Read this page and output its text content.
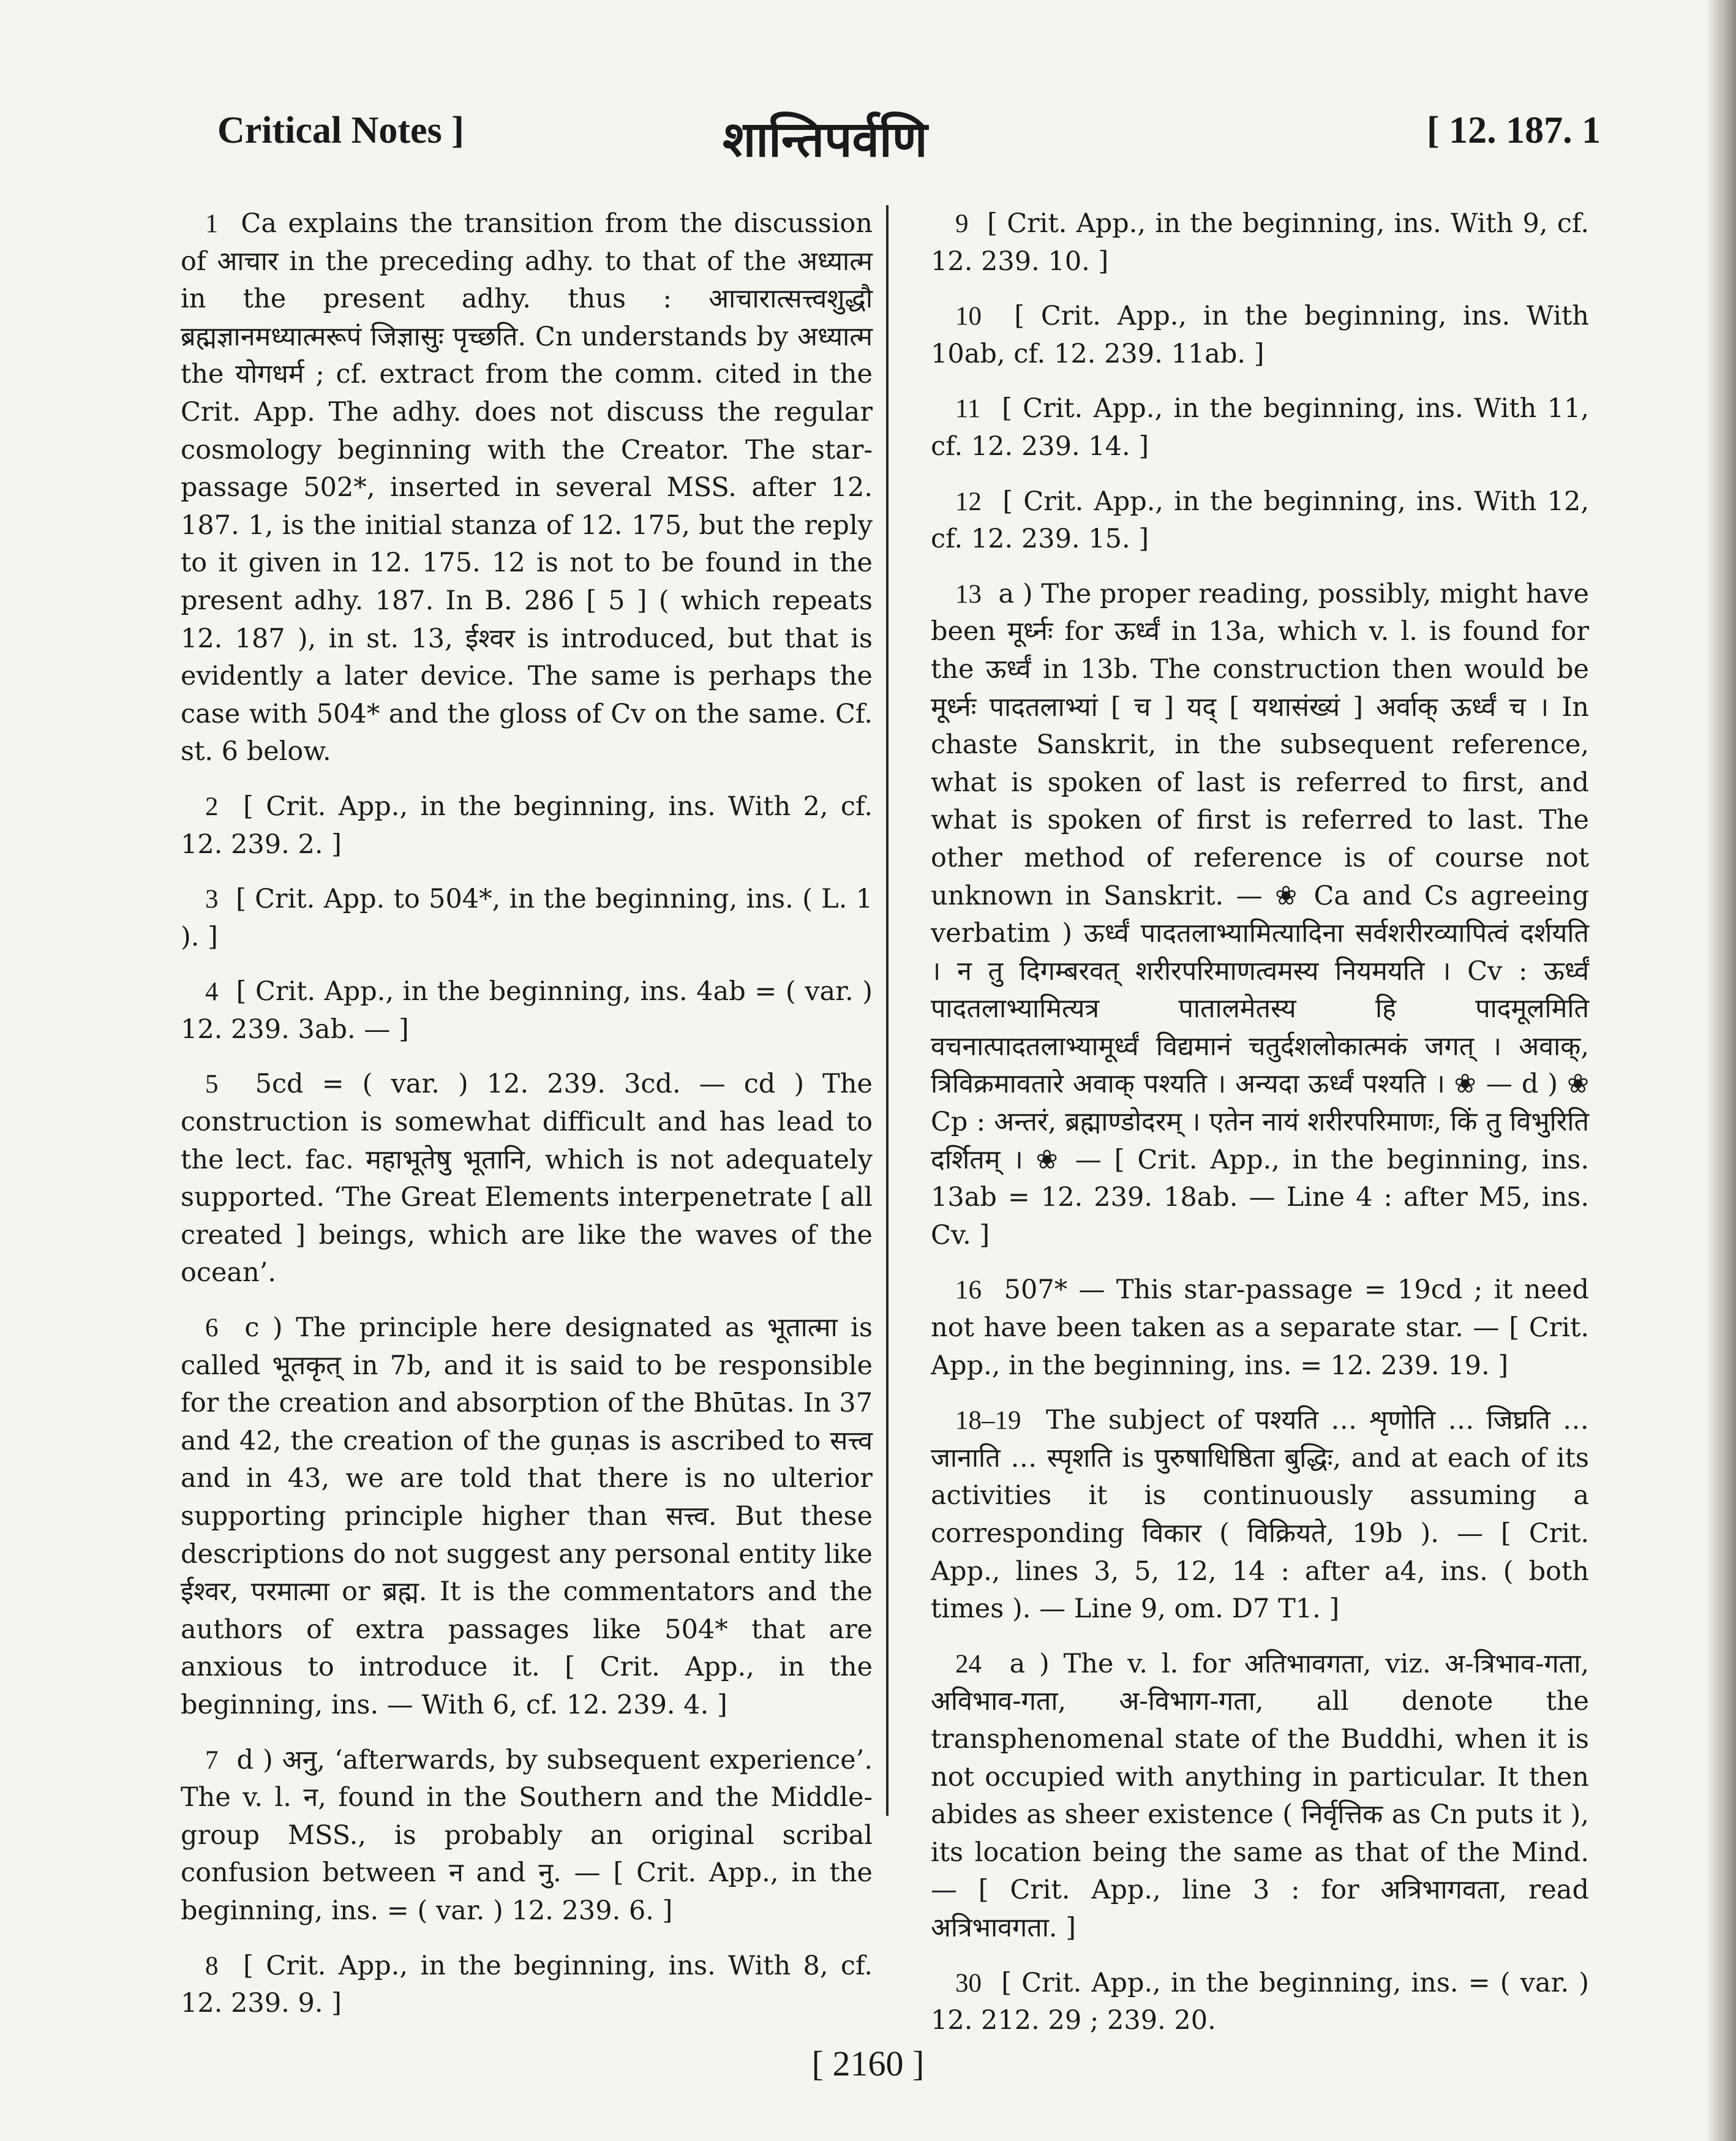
Critical Notes ]	शान्तिपर्वणि	[ 12. 187. 1

1 Ca explains the transition from the discussion of आचार in the preceding adhy. to that of the अध्यात्म in the present adhy. thus : आचारात्सत्त्वशुद्धौ ब्रह्मज्ञानमध्यात्मरूपं जिज्ञासुः पृच्छति. Cn understands by अध्यात्म the योगधर्म ; cf. extract from the comm. cited in the Crit. App. The adhy. does not discuss the regular cosmology beginning with the Creator. The star-passage 502*, inserted in several MSS. after 12. 187. 1, is the initial stanza of 12. 175, but the reply to it given in 12. 175. 12 is not to be found in the present adhy. 187. In B. 286 [ 5 ] ( which repeats 12. 187 ), in st. 13, ईश्वर is introduced, but that is evidently a later device. The same is perhaps the case with 504* and the gloss of Cv on the same. Cf. st. 6 below.

2 [ Crit. App., in the beginning, ins. With 2, cf. 12. 239. 2. ]

3 [ Crit. App. to 504*, in the beginning, ins. ( L. 1 ). ]

4 [ Crit. App., in the beginning, ins. 4ab = ( var. ) 12. 239. 3ab. — ]

5 5cd = ( var. ) 12. 239. 3cd. — cd ) The construction is somewhat difficult and has lead to the lect. fac. महाभूतेषु भूतानि, which is not adequately supported. ‘The Great Elements interpenetrate [ all created ] beings, which are like the waves of the ocean’.

6 c ) The principle here designated as भूतात्मा is called भूतकृत् in 7b, and it is said to be responsible for the creation and absorption of the Bhūtas. In 37 and 42, the creation of the guṇas is ascribed to सत्त्व and in 43, we are told that there is no ulterior supporting principle higher than सत्त्व. But these descriptions do not suggest any personal entity like ईश्वर, परमात्मा or ब्रह्म. It is the commentators and the authors of extra passages like 504* that are anxious to introduce it. [ Crit. App., in the beginning, ins. — With 6, cf. 12. 239. 4. ]

7 d ) अनु, ‘afterwards, by subsequent experience’. The v. l. न, found in the Southern and the Middle-group MSS., is probably an original scribal confusion between न and नु. — [ Crit. App., in the beginning, ins. = ( var. ) 12. 239. 6. ]

8 [ Crit. App., in the beginning, ins. With 8, cf. 12. 239. 9. ]

9 [ Crit. App., in the beginning, ins. With 9, cf. 12. 239. 10. ]

10 [ Crit. App., in the beginning, ins. With 10ab, cf. 12. 239. 11ab. ]

11 [ Crit. App., in the beginning, ins. With 11, cf. 12. 239. 14. ]

12 [ Crit. App., in the beginning, ins. With 12, cf. 12. 239. 15. ]

13 a ) The proper reading, possibly, might have been मूर्ध्नः for ऊर्ध्वं in 13a, which v. l. is found for the ऊर्ध्वं in 13b. The construction then would be मूर्ध्नः पादतलाभ्यां [ च ] यद् [ यथासंख्यं ] अर्वाक् ऊर्ध्वं च । In chaste Sanskrit, in the subsequent reference, what is spoken of last is referred to first, and what is spoken of first is referred to last. The other method of reference is of course not unknown in Sanskrit. — ❀ Ca and Cs agreeing verbatim ) ऊर्ध्वं पादतलाभ्यामित्यादिना सर्वशरीरव्यापित्वं दर्शयति । न तु दिगम्बरवत् शरीरपरिमाणत्वमस्य नियमयति । Cv : ऊर्ध्वं पादतलाभ्यामित्यत्र पातालमेतस्य हि पादमूलमिति वचनात्पादतलाभ्यामूर्ध्वं विद्यमानं चतुर्दशलोकात्मकं जगत् । अवाक्, त्रिविक्रमावतारे अवाक् पश्यति । अन्यदा ऊर्ध्वं पश्यति । ❀ — d ) ❀ Cp : अन्तरं, ब्रह्माण्डोदरम् । एतेन नायं शरीरपरिमाणः, किं तु विभुरिति दर्शितम् । ❀ — [ Crit. App., in the beginning, ins. 13ab = 12. 239. 18ab. — Line 4 : after M5, ins. Cv. ]

16 507* — This star-passage = 19cd ; it need not have been taken as a separate star. — [ Crit. App., in the beginning, ins. = 12. 239. 19. ]

18–19 The subject of पश्यति … शृणोति … जिघ्रति … जानाति … स्पृशति is पुरुषाधिष्ठिता बुद्धिः, and at each of its activities it is continuously assuming a corresponding विकार ( विक्रियते, 19b ). — [ Crit. App., lines 3, 5, 12, 14 : after a4, ins. ( both times ). — Line 9, om. D7 T1. ]

24 a ) The v. l. for अतिभावगता, viz. अ-त्रिभाव-गता, अविभाव-गता, अ-विभाग-गता, all denote the transphenomenal state of the Buddhi, when it is not occupied with anything in particular. It then abides as sheer existence ( निर्वृत्तिक as Cn puts it ), its location being the same as that of the Mind. — [ Crit. App., line 3 : for अत्रिभागवता, read अत्रिभावगता. ]

30 [ Crit. App., in the beginning, ins. = ( var. ) 12. 212. 29 ; 239. 20.

[ 2160 ]
